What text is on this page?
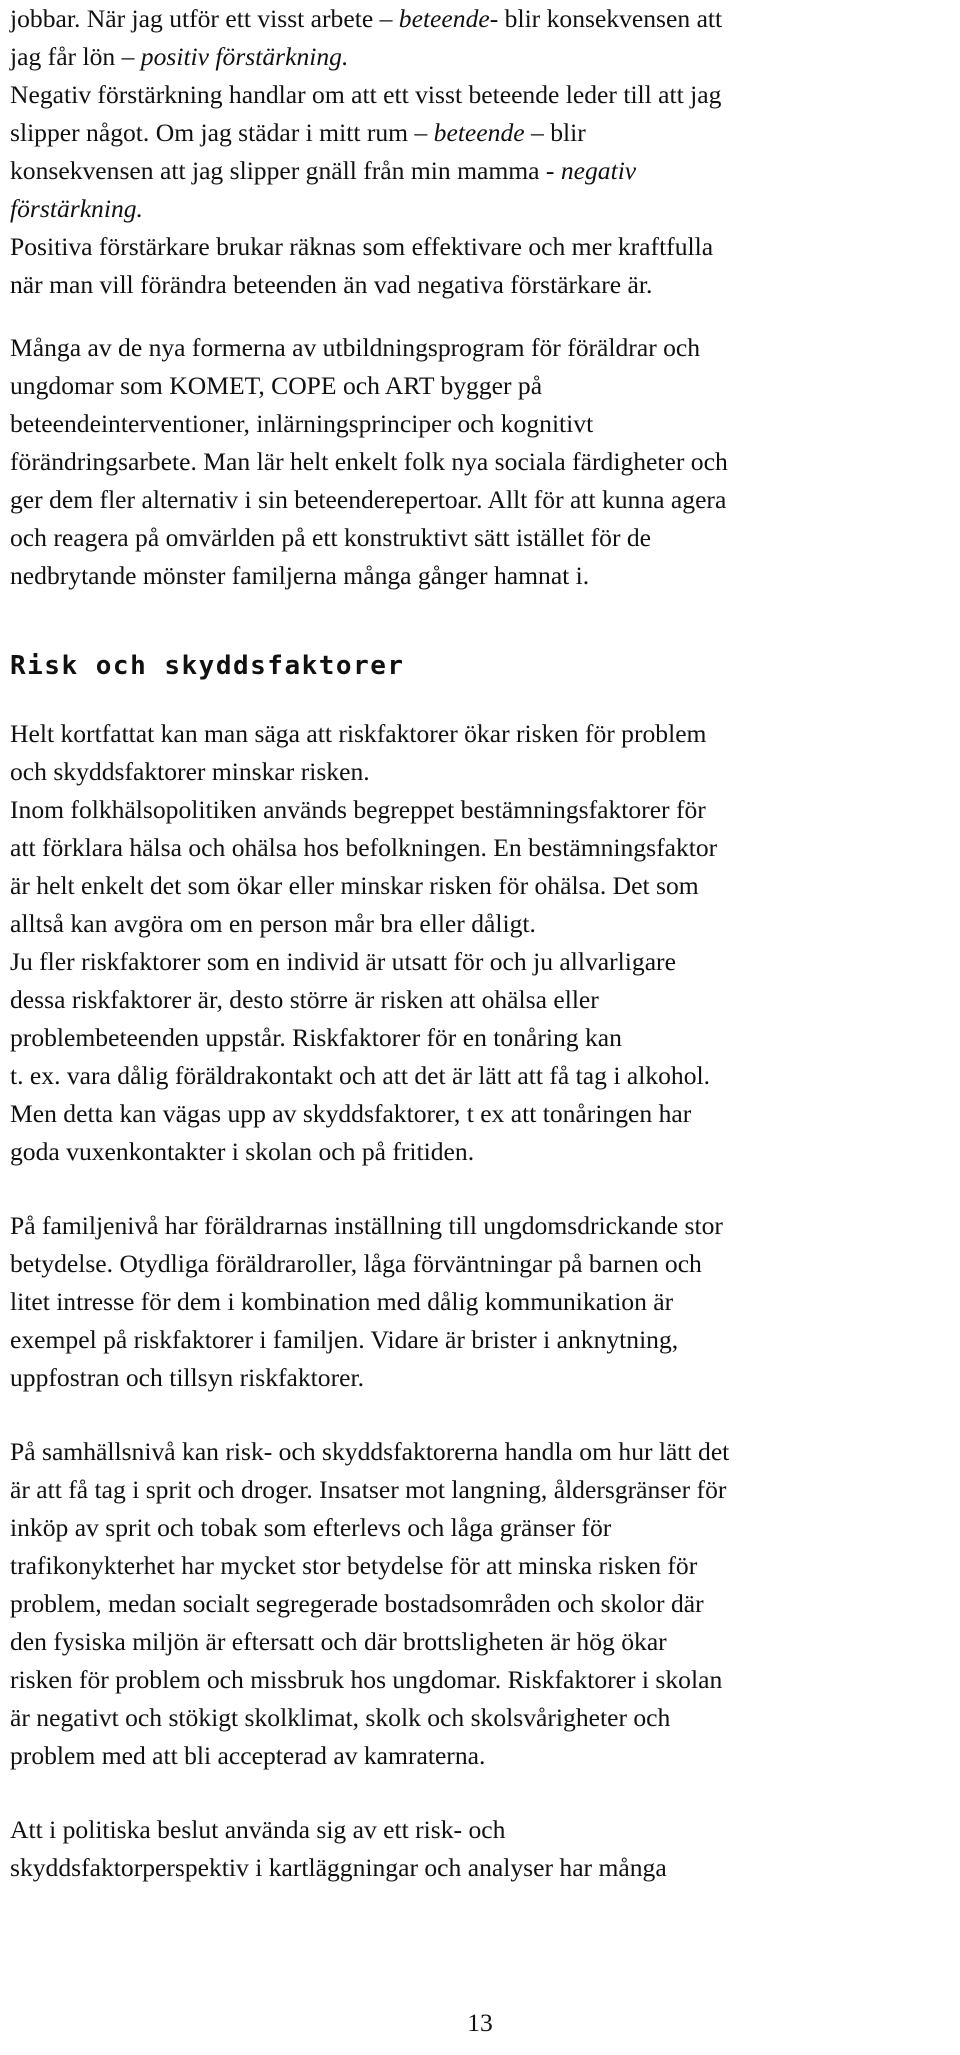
jobbar. När jag utför ett visst arbete – beteende- blir konsekvensen att
jag får lön – positiv förstärkning.

Negativ förstärkning handlar om att ett visst beteende leder till att jag
slipper något. Om jag städar i mitt rum – beteende – blir
konsekvensen att jag slipper gnäll från min mamma - negativ
förstärkning.

Positiva förstärkare brukar räknas som effektivare och mer kraftfulla
när man vill förändra beteenden än vad negativa förstärkare är.

Många av de nya formerna av utbildningsprogram för föräldrar och
ungdomar som KOMET, COPE och ART bygger på
beteendeinterventioner, inlärningsprinciper och kognitivt
förändringsarbete. Man lär helt enkelt folk nya sociala färdigheter och
ger dem fler alternativ i sin beteenderepertoar. Allt för att kunna agera
och reagera på omvärlden på ett konstruktivt sätt istället för de
nedbrytande mönster familjerna många gånger hamnat i.

Risk och skyddsfaktorer

Helt kortfattat kan man säga att riskfaktorer ökar risken för problem
och skyddsfaktorer minskar risken.
Inom folkhälsopolitiken används begreppet bestämningsfaktorer för
att förklara hälsa och ohälsa hos befolkningen. En bestämningsfaktor
är helt enkelt det som ökar eller minskar risken för ohälsa. Det som
alltså kan avgöra om en person mår bra eller dåligt.
Ju fler riskfaktorer som en individ är utsatt för och ju allvarligare
dessa riskfaktorer är, desto större är risken att ohälsa eller
problembeteenden uppstår. Riskfaktorer för en tonåring kan
t. ex. vara dålig föräldrakontakt och att det är lätt att få tag i alkohol.
Men detta kan vägas upp av skyddsfaktorer, t ex att tonåringen har
goda vuxenkontakter i skolan och på fritiden.

På familjenivå har föräldrarnas inställning till ungdomsdrickande stor
betydelse. Otydliga föräldraroller, låga förväntningar på barnen och
litet intresse för dem i kombination med dålig kommunikation är
exempel på riskfaktorer i familjen. Vidare är brister i anknytning,
uppfostran och tillsyn riskfaktorer.

På samhällsnivå kan risk- och skyddsfaktorerna handla om hur lätt det
är att få tag i sprit och droger. Insatser mot langning, åldersgränser för
inköp av sprit och tobak som efterlevs och låga gränser för
trafikonykterhet har mycket stor betydelse för att minska risken för
problem, medan socialt segregerade bostadsområden och skolor där
den fysiska miljön är eftersatt och där brottsligheten är hög ökar
risken för problem och missbruk hos ungdomar. Riskfaktorer i skolan
är negativt och stökigt skolklimat, skolk och skolsvårigheter och
problem med att bli accepterad av kamraterna.

Att i politiska beslut använda sig av ett risk- och
skyddsfaktorperspektiv i kartläggningar och analyser har många

13
